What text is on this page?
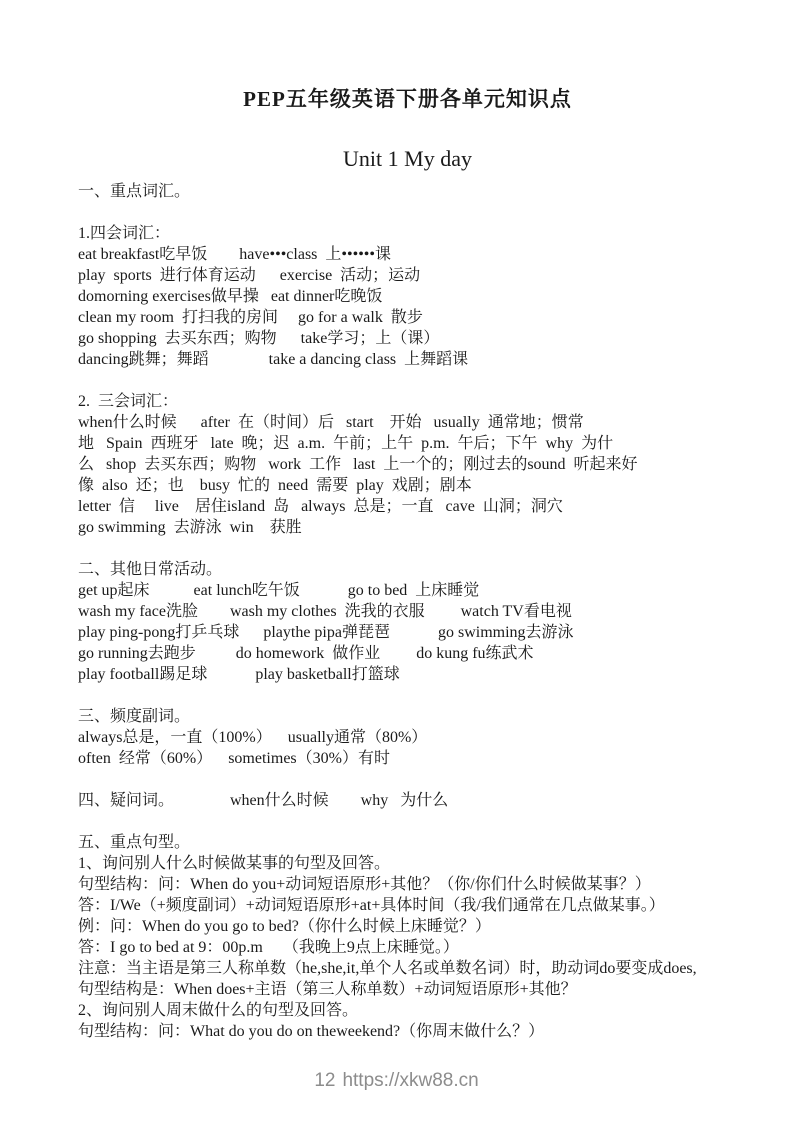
PEP五年级英语下册各单元知识点
Unit 1 My day
一、重点词汇。

1.四会词汇：
eat breakfast吃早饭        have•••class  上••••••课
play  sports  进行体育运动      exercise  活动；运动
domorning exercises做早操   eat dinner吃晚饭
clean my room  打扫我的房间     go for a walk  散步
go shopping  去买东西；购物      take学习；上（课）
dancing跳舞；舞蹈               take a dancing class  上舞蹈课

2.  三会词汇：
when什么时候      after  在（时间）后   start    开始   usually  通常地；惯常
地   Spain  西班牙   late  晚；迟  a.m.  午前；上午  p.m.  午后；下午  why  为什
么   shop  去买东西；购物   work  工作   last  上一个的；刚过去的sound  听起来好
像  also  还；也    busy  忙的  need  需要  play  戏剧；剧本
letter  信     live    居住island  岛   always  总是；一直   cave  山洞；洞穴
go swimming  去游泳  win    获胜

二、其他日常活动。
get up起床           eat lunch吃午饭            go to bed  上床睡觉
wash my face洗脸        wash my clothes  洗我的衣服         watch TV看电视
play ping-pong打乒乓球      playthe pipa弹琵琶            go swimming去游泳
go running去跑步          do homework  做作业         do kung fu练武术
play football踢足球            play basketball打篮球

三、频度副词。
always总是，一直（100%）    usually通常（80%）
often  经常（60%）    sometimes（30%）有时

四、疑问词。              when什么时候        why   为什么

五、重点句型。
1、询问别人什么时候做某事的句型及回答。
句型结构：问：When do you+动词短语原形+其他？（你/你们什么时候做某事？）
答：I/We（+频度副词）+动词短语原形+at+具体时间（我/我们通常在几点做某事。）
例：问：When do you go to bed?（你什么时候上床睡觉？）
答：I go to bed at 9：00p.m     （我晚上9点上床睡觉。）
注意：当主语是第三人称单数（he,she,it,单个人名或单数名词）时，助动词do要变成does,
句型结构是：When does+主语（第三人称单数）+动词短语原形+其他？
2、询问别人周末做什么的句型及回答。
句型结构：问：What do you do on theweekend?（你周末做什么？）
12 https://xkw88.cn
